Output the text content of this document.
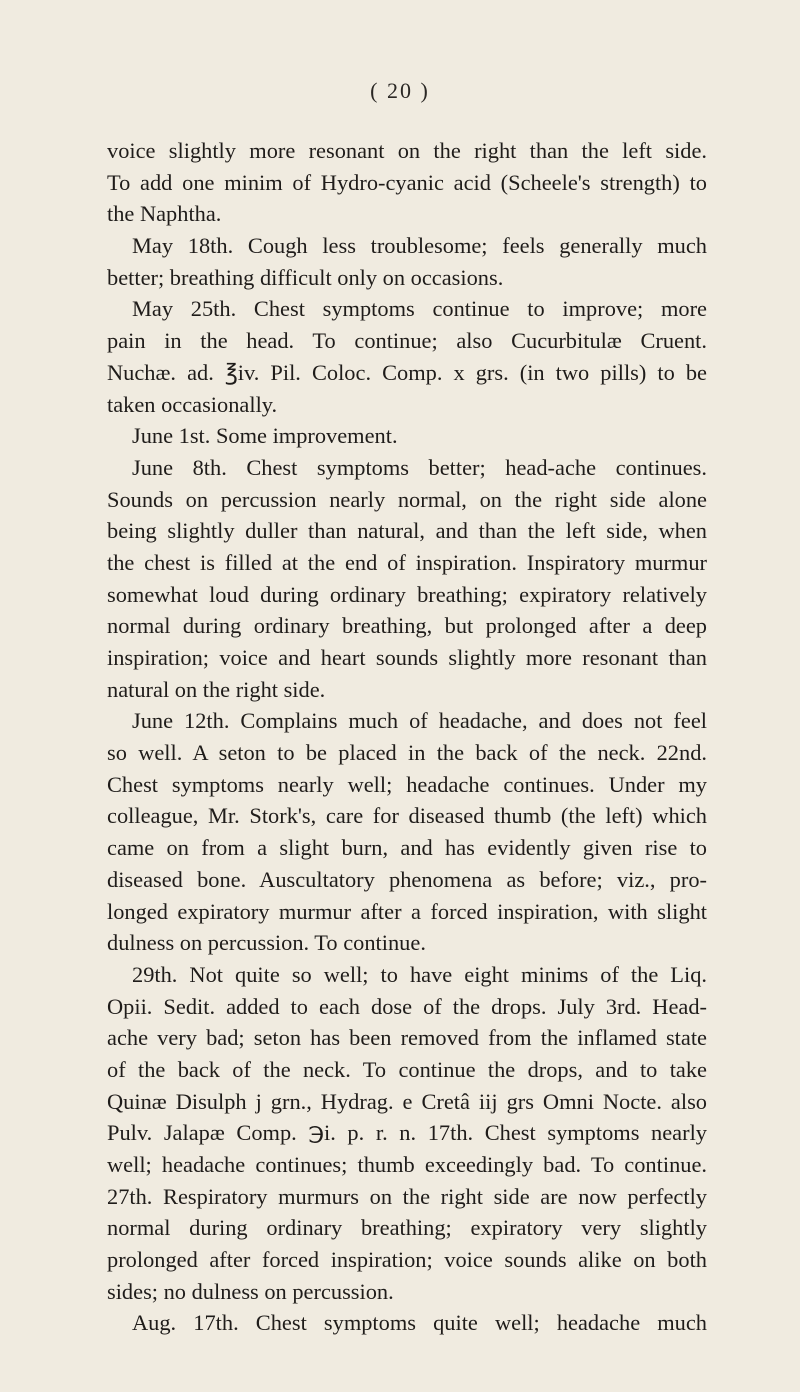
( 20 )
voice slightly more resonant on the right than the left side.
To add one minim of Hydro-cyanic acid (Scheele's strength) to
the Naphtha.
May 18th. Cough less troublesome; feels generally much
better; breathing difficult only on occasions.
May 25th. Chest symptoms continue to improve; more
pain in the head. To continue; also Cucurbitulæ Cruent.
Nuchæ. ad. ℥iv. Pil. Coloc. Comp. x grs. (in two pills) to be
taken occasionally.
June 1st. Some improvement.
June 8th. Chest symptoms better; head-ache continues.
Sounds on percussion nearly normal, on the right side alone
being slightly duller than natural, and than the left side, when
the chest is filled at the end of inspiration. Inspiratory murmur
somewhat loud during ordinary breathing; expiratory relatively
normal during ordinary breathing, but prolonged after a deep
inspiration; voice and heart sounds slightly more resonant than
natural on the right side.
June 12th. Complains much of headache, and does not feel
so well. A seton to be placed in the back of the neck. 22nd.
Chest symptoms nearly well; headache continues. Under my
colleague, Mr. Stork's, care for diseased thumb (the left) which
came on from a slight burn, and has evidently given rise to
diseased bone. Auscultatory phenomena as before; viz., pro-
longed expiratory murmur after a forced inspiration, with slight
dulness on percussion. To continue.
29th. Not quite so well; to have eight minims of the Liq.
Opii. Sedit. added to each dose of the drops. July 3rd. Head-
ache very bad; seton has been removed from the inflamed state
of the back of the neck. To continue the drops, and to take
Quinæ Disulph j grn., Hydrag. e Cretâ iij grs Omni Nocte. also
Pulv. Jalapæ Comp. ℈i. p. r. n. 17th. Chest symptoms nearly
well; headache continues; thumb exceedingly bad. To continue.
27th. Respiratory murmurs on the right side are now perfectly
normal during ordinary breathing; expiratory very slightly
prolonged after forced inspiration; voice sounds alike on both
sides; no dulness on percussion.
Aug. 17th. Chest symptoms quite well; headache much
